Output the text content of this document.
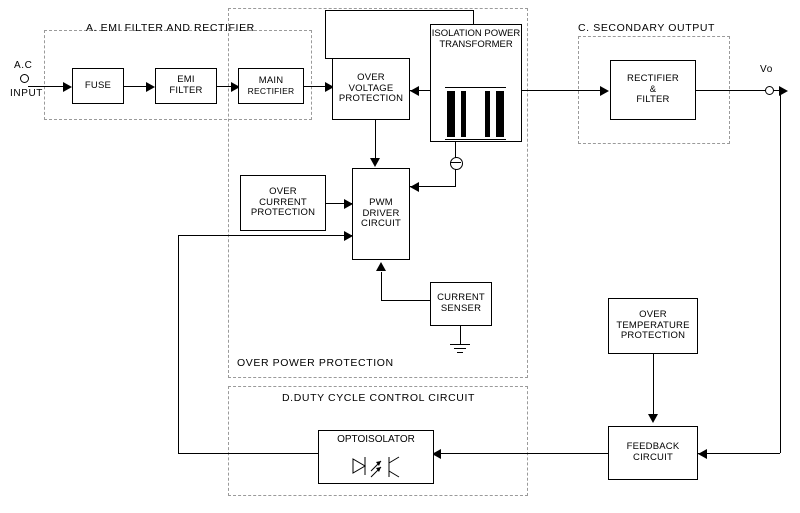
A. EMI FILTER AND RECTIFIER	C. SECONDARY OUTPUT
OVER POWER PROTECTION
D.DUTY CYCLE CONTROL CIRCUIT
A.C
INPUT
FUSE	EMI
FILTER
MAIN
RECTIFIER
OVER
VOLTAGE
PROTECTION
ISOLATION POWER TRANSFORMER
RECTIFIER
&
FILTER
Vo
OVER
CURRENT
PROTECTION
PWM
DRIVER
CIRCUIT
CURRENT
SENSER
OVER
TEMPERATURE
PROTECTION
FEEDBACK
CIRCUIT
OPTOISOLATOR
